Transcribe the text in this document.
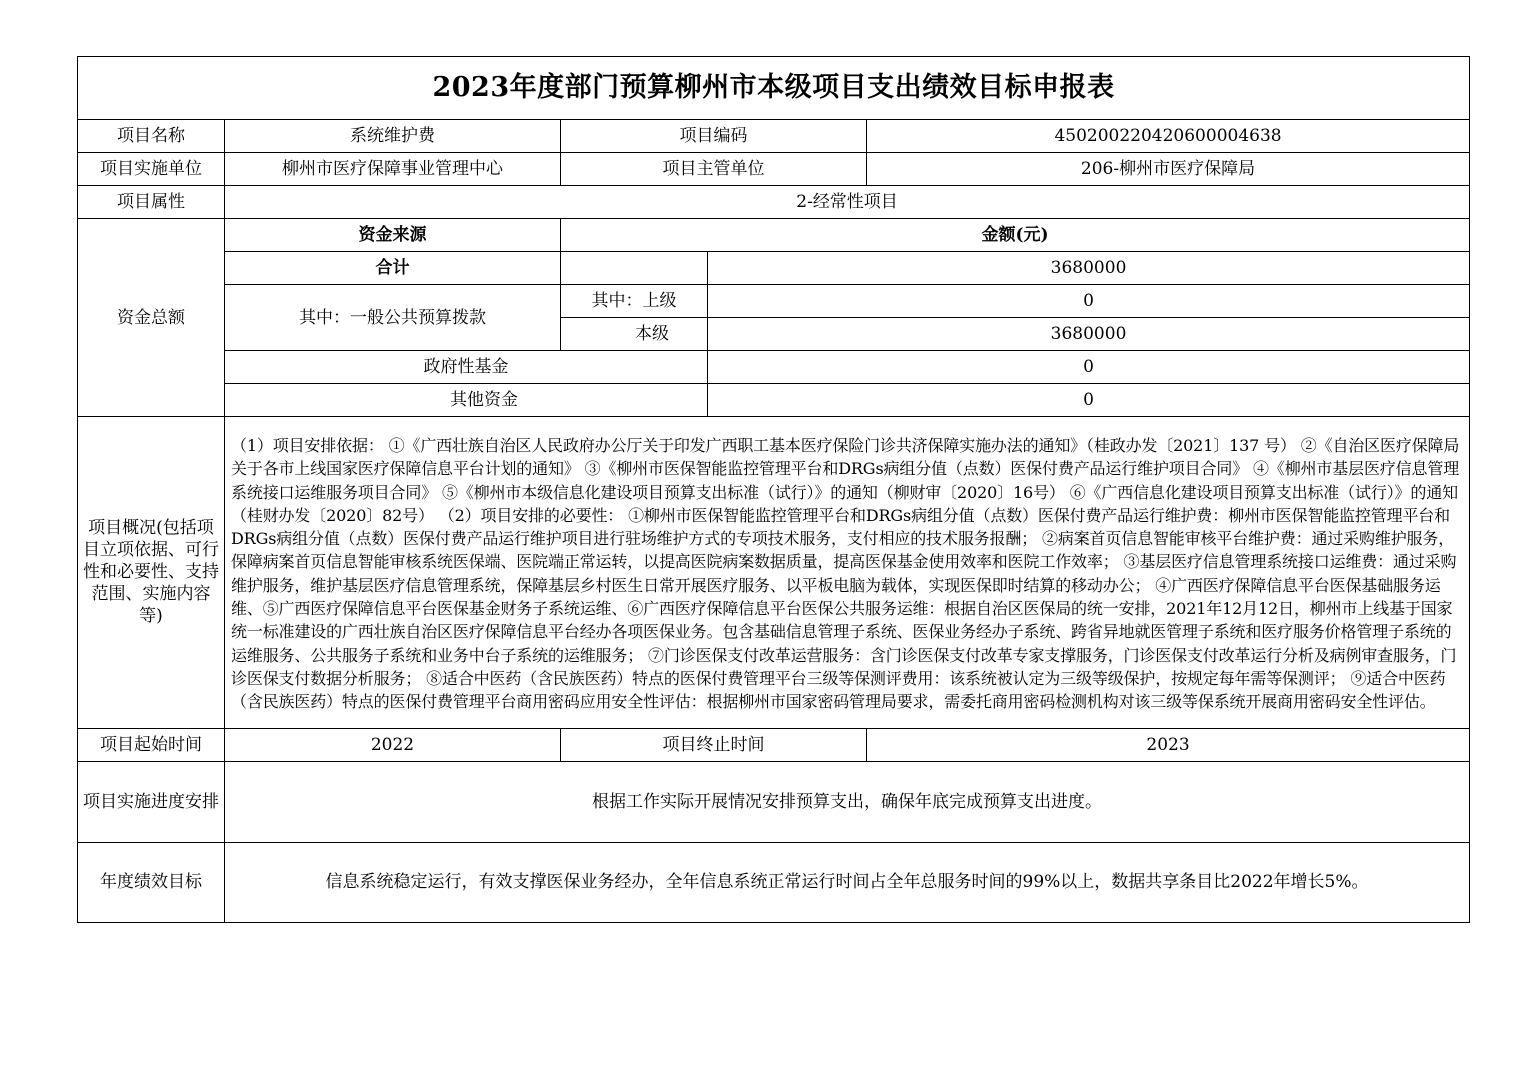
2023年度部门预算柳州市本级项目支出绩效目标申报表				
项目名称	系统维护费	项目编码		450200220420600004638
项目实施单位	柳州市医疗保障事业管理中心	项目主管单位		206-柳州市医疗保障局
项目属性	2-经常性项目			
资金总额	资金来源	金额(元)		
	合计		3680000	
	其中：一般公共预算拨款	其中：上级	0	
		本级	3680000	
	政府性基金		0	
	其他资金		0	
项目概况(包括项目立项依据、可行性和必要性、支持范围、实施内容等)	（1）项目安排依据： ①《广西壮族自治区人民政府办公厅关于印发广西职工基本医疗保险门诊共济保障实施办法的通知》（桂政办发〔2021〕137 号） ②《自治区医疗保障局关于各市上线国家医疗保障信息平台计划的通知》 ③《柳州市医保智能监控管理平台和DRGs病组分值（点数）医保付费产品运行维护项目合同》 ④《柳州市基层医疗信息管理系统接口运维服务项目合同》 ⑤《柳州市本级信息化建设项目预算支出标准（试行）》的通知（柳财审〔2020〕16号） ⑥《广西信息化建设项目预算支出标准（试行）》的通知（桂财办发〔2020〕82号） （2）项目安排的必要性： ①柳州市医保智能监控管理平台和DRGs病组分值（点数）医保付费产品运行维护费：柳州市医保智能监控管理平台和DRGs病组分值（点数）医保付费产品运行维护项目进行驻场维护方式的专项技术服务，支付相应的技术服务报酬； ②病案首页信息智能审核平台维护费：通过采购维护服务，保障病案首页信息智能审核系统医保端、医院端正常运转，以提高医院病案数据质量，提高医保基金使用效率和医院工作效率； ③基层医疗信息管理系统接口运维费：通过采购维护服务，维护基层医疗信息管理系统，保障基层乡村医生日常开展医疗服务、以平板电脑为载体，实现医保即时结算的移动办公； ④广西医疗保障信息平台医保基础服务运维、⑤广西医疗保障信息平台医保基金财务子系统运维、⑥广西医疗保障信息平台医保公共服务运维：根据自治区医保局的统一安排，2021年12月12日，柳州市上线基于国家统一标准建设的广西壮族自治区医疗保障信息平台经办各项医保业务。包含基础信息管理子系统、医保业务经办子系统、跨省异地就医管理子系统和医疗服务价格管理子系统的运维服务、公共服务子系统和业务中台子系统的运维服务； ⑦门诊医保支付改革运营服务：含门诊医保支付改革专家支撑服务，门诊医保支付改革运行分析及病例审查服务，门诊医保支付数据分析服务； ⑧适合中医药（含民族医药）特点的医保付费管理平台三级等保测评费用：该系统被认定为三级等级保护，按规定每年需等保测评； ⑨适合中医药（含民族医药）特点的医保付费管理平台商用密码应用安全性评估：根据柳州市国家密码管理局要求，需委托商用密码检测机构对该三级等保系统开展商用密码安全性评估。			
项目起始时间	2022	项目终止时间		2023
项目实施进度安排	根据工作实际开展情况安排预算支出，确保年底完成预算支出进度。			
年度绩效目标	信息系统稳定运行，有效支撑医保业务经办，全年信息系统正常运行时间占全年总服务时间的99%以上，数据共享条目比2022年增长5%。			
